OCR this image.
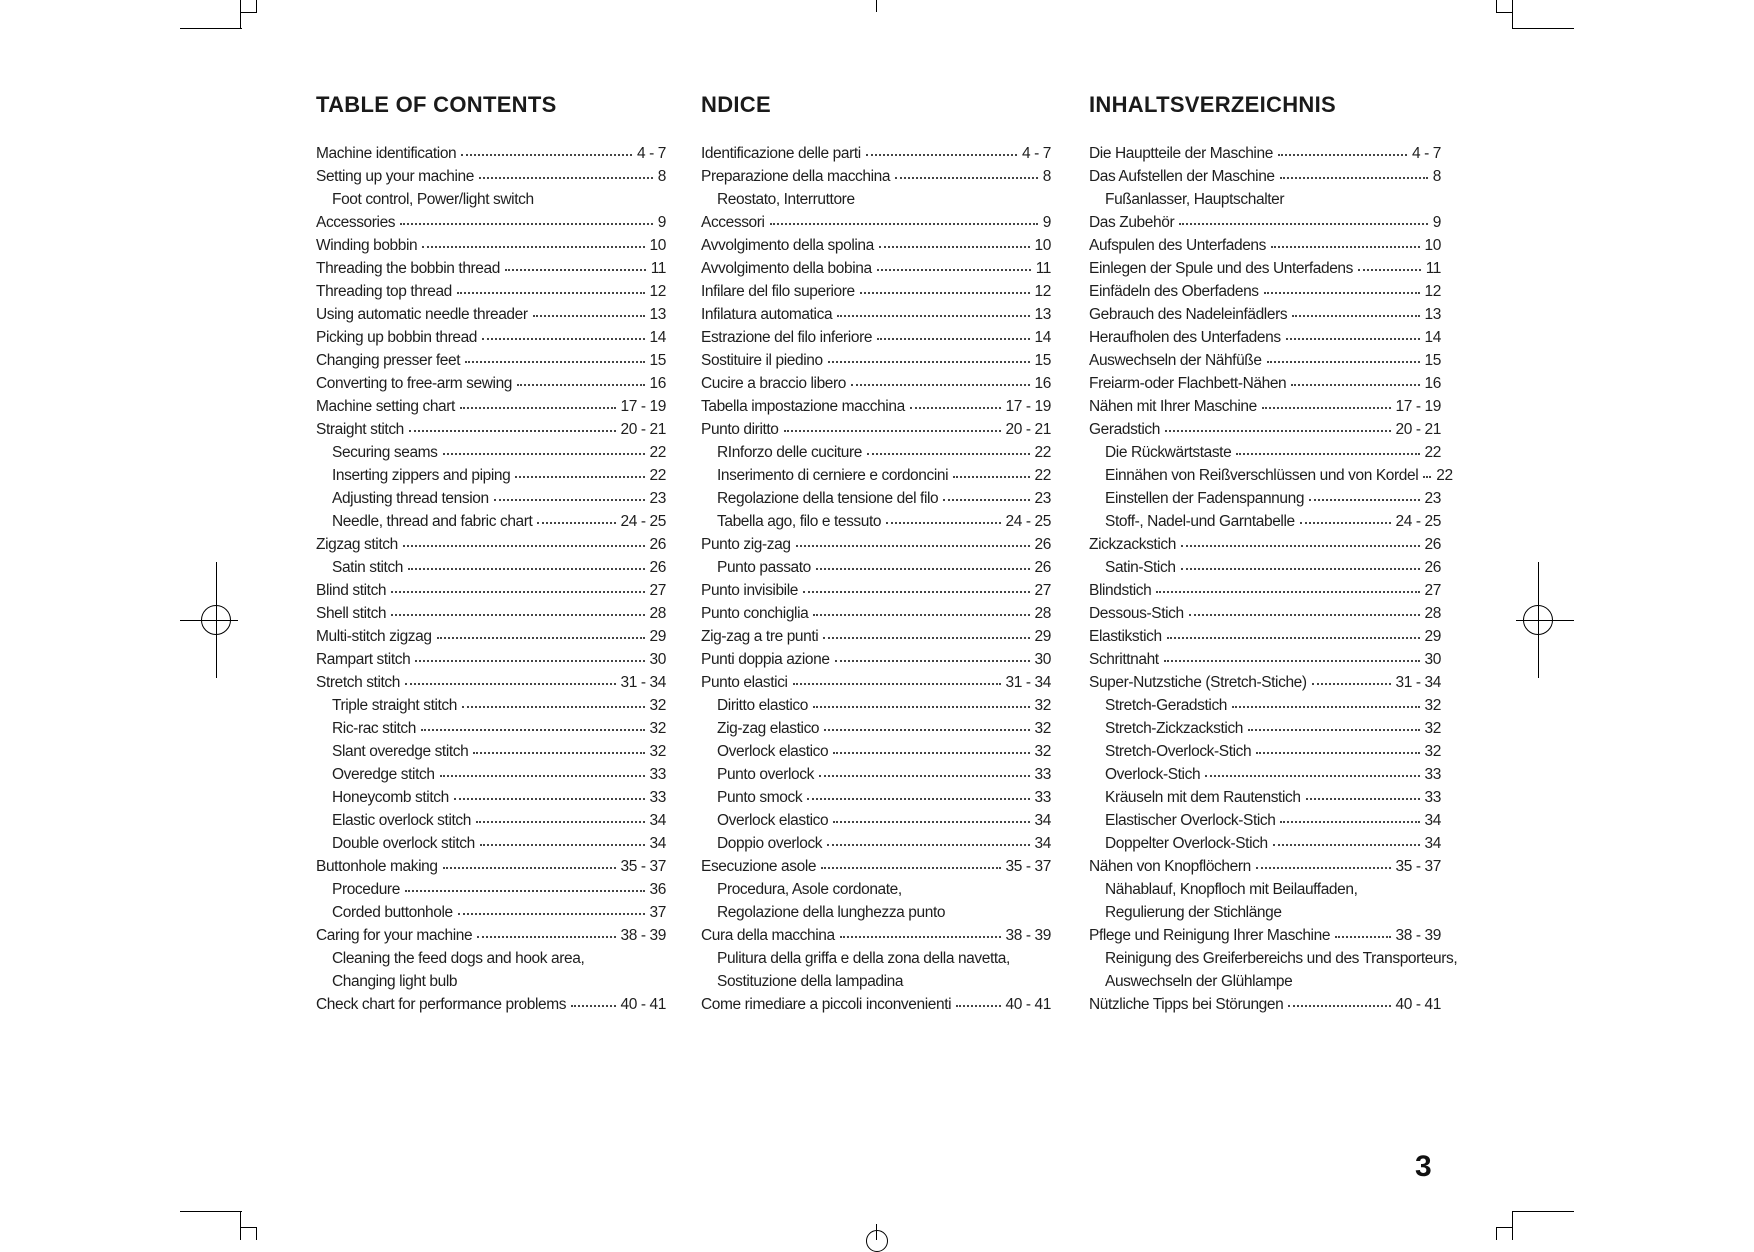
TABLE OF CONTENTS
Machine identification	4 - 7
Setting up your machine	8
Foot control, Power/light switch
Accessories	9
Winding bobbin	10
Threading the bobbin thread	11
Threading top thread	12
Using automatic needle threader	13
Picking up bobbin thread	14
Changing presser feet	15
Converting to free-arm sewing	16
Machine setting chart	17 - 19
Straight stitch	20 - 21
Securing seams	22
Inserting zippers and piping	22
Adjusting thread tension	23
Needle, thread and fabric chart	24 - 25
Zigzag stitch	26
Satin stitch	26
Blind stitch	27
Shell stitch	28
Multi-stitch zigzag	29
Rampart stitch	30
Stretch stitch	31 - 34
Triple straight stitch	32
Ric-rac stitch	32
Slant overedge stitch	32
Overedge stitch	33
Honeycomb stitch	33
Elastic overlock stitch	34
Double overlock stitch	34
Buttonhole making	35 - 37
Procedure	36
Corded buttonhole	37
Caring for your machine	38 - 39
Cleaning the feed dogs and hook area,
Changing light bulb
Check chart for performance problems	40 - 41
NDICE
Identificazione delle parti	4 - 7
Preparazione della macchina	8
Reostato, Interruttore
Accessori	9
Avvolgimento della spolina	10
Avvolgimento della bobina	11
Infilare del filo superiore	12
Infilatura automatica	13
Estrazione del filo inferiore	14
Sostituire il piedino	15
Cucire a braccio libero	16
Tabella impostazione macchina	17 - 19
Punto diritto	20 - 21
RInforzo delle cuciture	22
Inserimento di cerniere e cordoncini	22
Regolazione della tensione del filo	23
Tabella ago, filo e tessuto	24 - 25
Punto zig-zag	26
Punto passato	26
Punto invisibile	27
Punto conchiglia	28
Zig-zag a tre punti	29
Punti doppia azione	30
Punto elastici	31 - 34
Diritto elastico	32
Zig-zag elastico	32
Overlock elastico	32
Punto overlock	33
Punto smock	33
Overlock elastico	34
Doppio overlock	34
Esecuzione asole	35 - 37
Procedura, Asole cordonate,
Regolazione della lunghezza punto
Cura della macchina	38 - 39
Pulitura della griffa e della zona della navetta,
Sostituzione della lampadina
Come rimediare a piccoli inconvenienti	40 - 41
INHALTSVERZEICHNIS
Die Hauptteile der Maschine	4 - 7
Das Aufstellen der Maschine	8
Fußanlasser, Hauptschalter
Das Zubehör	9
Aufspulen des Unterfadens	10
Einlegen der Spule und des Unterfadens	11
Einfädeln des Oberfadens	12
Gebrauch des Nadeleinfädlers	13
Heraufholen des Unterfadens	14
Auswechseln der Nähfüße	15
Freiarm-oder Flachbett-Nähen	16
Nähen mit Ihrer Maschine	17 - 19
Geradstich	20 - 21
Die Rückwärtstaste	22
Einnähen von Reißverschlüssen und von Kordel 22
Einstellen der Fadenspannung	23
Stoff-, Nadel-und Garntabelle	24 - 25
Zickzackstich	26
Satin-Stich	26
Blindstich	27
Dessous-Stich	28
Elastikstich	29
Schrittnaht	30
Super-Nutzstiche (Stretch-Stiche)	31 - 34
Stretch-Geradstich	32
Stretch-Zickzackstich	32
Stretch-Overlock-Stich	32
Overlock-Stich	33
Kräuseln mit dem Rautenstich	33
Elastischer Overlock-Stich	34
Doppelter Overlock-Stich	34
Nähen von Knopflöchern	35 - 37
Nähablauf, Knopfloch mit Beilauffaden,
Regulierung der Stichlänge
Pflege und Reinigung Ihrer Maschine	38 - 39
Reinigung des Greiferbereichs und des Transporteurs,
Auswechseln der Glühlampe
Nützliche Tipps bei Störungen	40 - 41
3
